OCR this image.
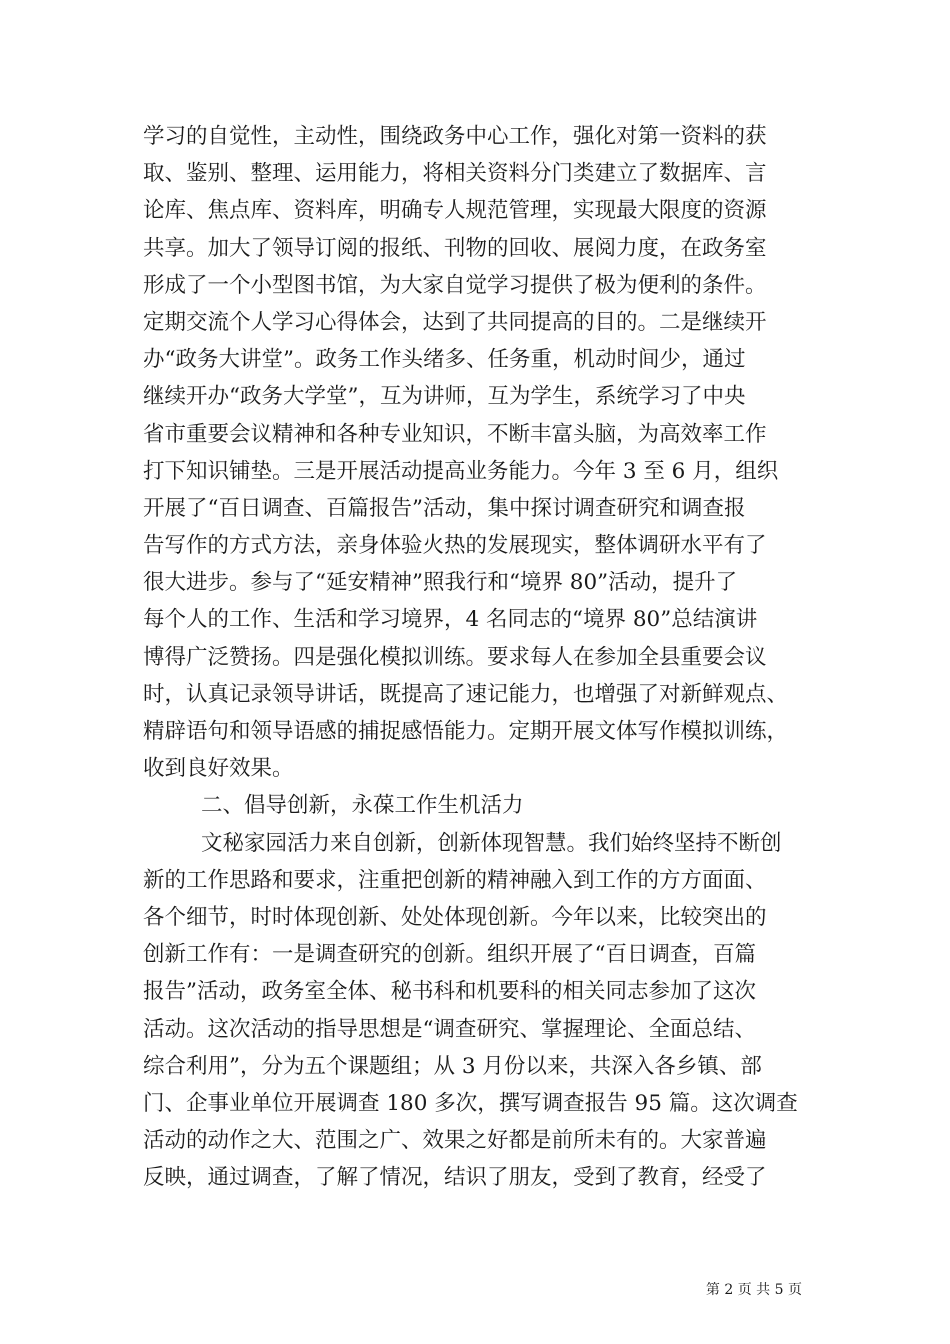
学习的自觉性，主动性，围绕政务中心工作，强化对第一资料的获
取、鉴别、整理、运用能力，将相关资料分门类建立了数据库、言
论库、焦点库、资料库，明确专人规范管理，实现最大限度的资源
共享。加大了领导订阅的报纸、刊物的回收、展阅力度，在政务室
形成了一个小型图书馆，为大家自觉学习提供了极为便利的条件。
定期交流个人学习心得体会，达到了共同提高的目的。二是继续开
办“政务大讲堂”。政务工作头绪多、任务重，机动时间少，通过
继续开办“政务大学堂”，互为讲师，互为学生，系统学习了中央
省市重要会议精神和各种专业知识，不断丰富头脑，为高效率工作
打下知识铺垫。三是开展活动提高业务能力。今年 3 至 6 月，组织
开展了“百日调查、百篇报告”活动，集中探讨调查研究和调查报
告写作的方式方法，亲身体验火热的发展现实，整体调研水平有了
很大进步。参与了“延安精神”照我行和“境界 80”活动，提升了
每个人的工作、生活和学习境界，4 名同志的“境界 80”总结演讲
博得广泛赞扬。四是强化模拟训练。要求每人在参加全县重要会议
时，认真记录领导讲话，既提高了速记能力，也增强了对新鲜观点、
精辟语句和领导语感的捕捉感悟能力。定期开展文体写作模拟训练，
收到良好效果。
二、倡导创新，永葆工作生机活力
文秘家园活力来自创新，创新体现智慧。我们始终坚持不断创
新的工作思路和要求，注重把创新的精神融入到工作的方方面面、
各个细节，时时体现创新、处处体现创新。今年以来，比较突出的
创新工作有：一是调查研究的创新。组织开展了“百日调查，百篇
报告”活动，政务室全体、秘书科和机要科的相关同志参加了这次
活动。这次活动的指导思想是“调查研究、掌握理论、全面总结、
综合利用”，分为五个课题组；从 3 月份以来，共深入各乡镇、部
门、企事业单位开展调查 180 多次，撰写调查报告 95 篇。这次调查
活动的动作之大、范围之广、效果之好都是前所未有的。大家普遍
反映，通过调查，了解了情况，结识了朋友，受到了教育，经受了
第 2 页 共 5 页
